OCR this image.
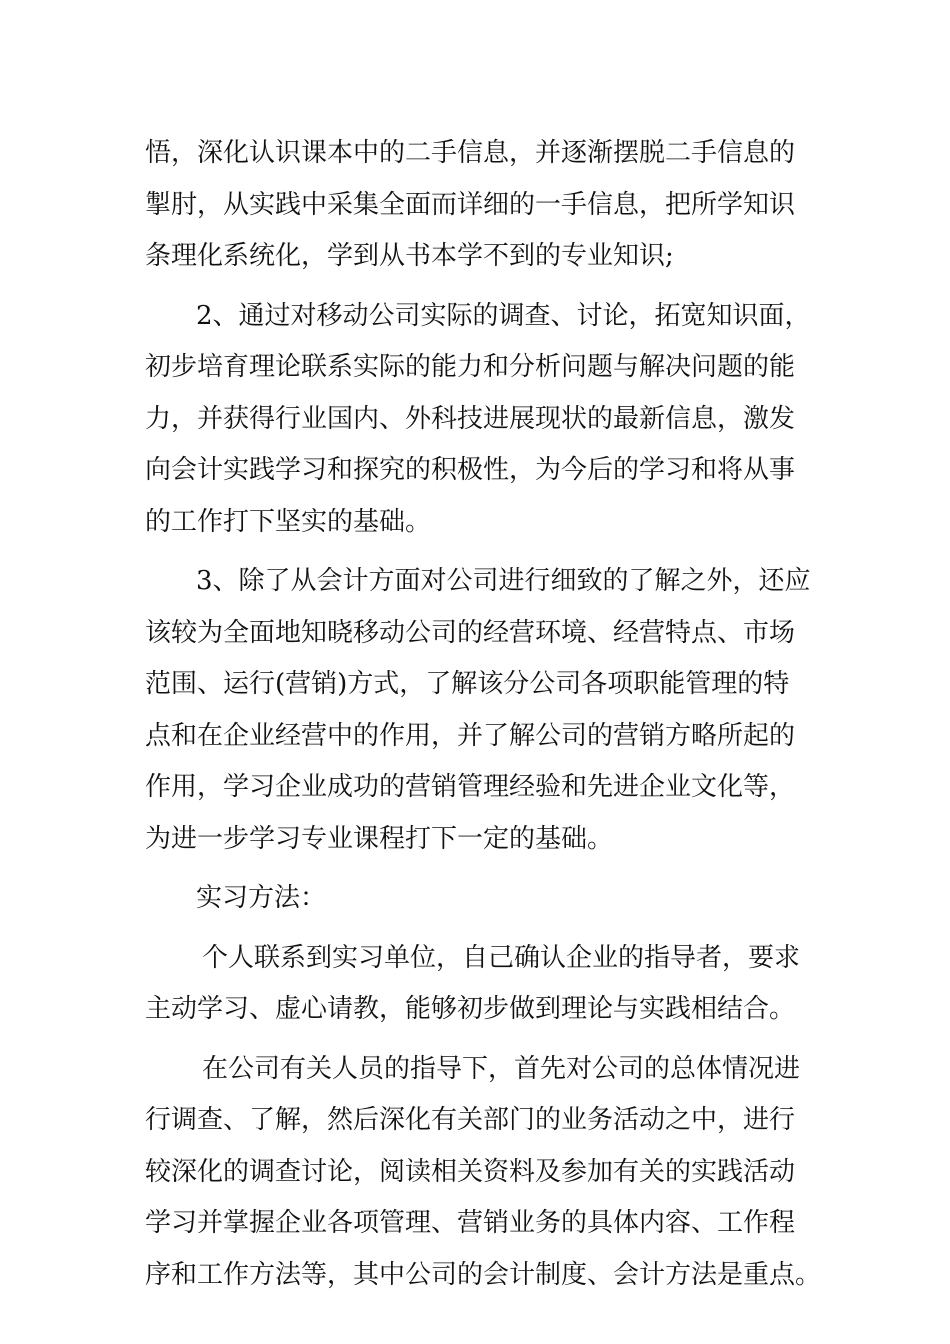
悟，深化认识课本中的二手信息，并逐渐摆脱二手信息的
掣肘，从实践中采集全面而详细的一手信息，把所学知识
条理化系统化，学到从书本学不到的专业知识;
2、通过对移动公司实际的调查、讨论，拓宽知识面，
初步培育理论联系实际的能力和分析问题与解决问题的能
力，并获得行业国内、外科技进展现状的最新信息，激发
向会计实践学习和探究的积极性，为今后的学习和将从事
的工作打下坚实的基础。
3、除了从会计方面对公司进行细致的了解之外，还应
该较为全面地知晓移动公司的经营环境、经营特点、市场
范围、运行(营销)方式，了解该分公司各项职能管理的特
点和在企业经营中的作用，并了解公司的营销方略所起的
作用，学习企业成功的营销管理经验和先进企业文化等，
为进一步学习专业课程打下一定的基础。
实习方法：
个人联系到实习单位，自己确认企业的指导者，要求
主动学习、虚心请教，能够初步做到理论与实践相结合。
在公司有关人员的指导下，首先对公司的总体情况进
行调查、了解，然后深化有关部门的业务活动之中，进行
较深化的调查讨论，阅读相关资料及参加有关的实践活动
学习并掌握企业各项管理、营销业务的具体内容、工作程
序和工作方法等，其中公司的会计制度、会计方法是重点。
